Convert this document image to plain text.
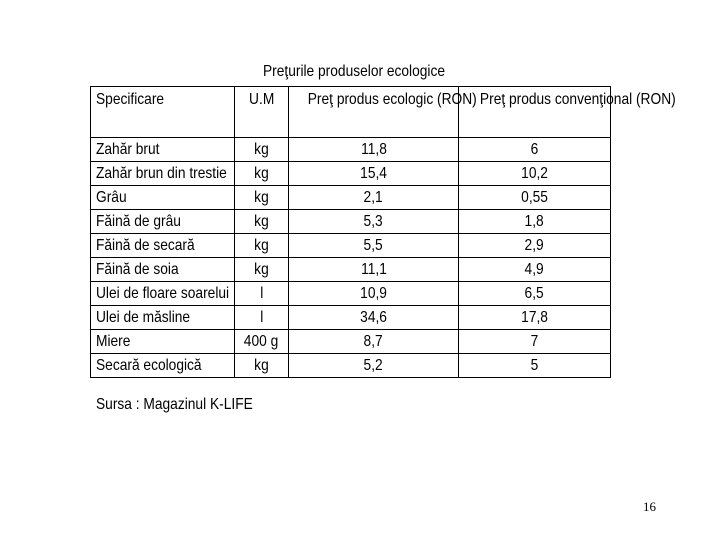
Preţurile produselor ecologice
Specificare	U.M	Preţ produs ecologic (RON)	Preţ produs convenţional (RON)
Zahăr brut	kg	11,8	6
Zahăr brun din trestie	kg	15,4	10,2
Grâu	kg	2,1	0,55
Făină de grâu	kg	5,3	1,8
Făină de secară	kg	5,5	2,9
Făină de soia	kg	11,1	4,9
Ulei de floare soarelui	l	10,9	6,5
Ulei de măsline	l	34,6	17,8
Miere	400 g	8,7	7
Secară ecologică	kg	5,2	5
Sursa : Magazinul K-LIFE
16
